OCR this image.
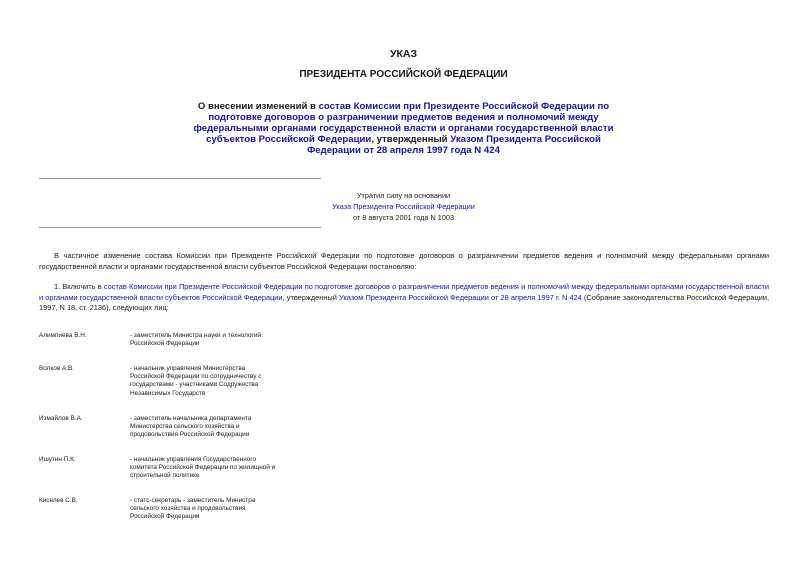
УКАЗ
ПРЕЗИДЕНТА РОССИЙСКОЙ ФЕДЕРАЦИИ
О внесении изменений в состав Комиссии при Президенте Российской Федерации по подготовке договоров о разграничении предметов ведения и полномочий между федеральными органами государственной власти и органами государственной власти субъектов Российской Федерации, утвержденный Указом Президента Российской Федерации от 28 апреля 1997 года N 424
Утратил силу на основании
Указа Президента Российской Федерации
от 8 августа 2001 года N 1003
В частичное изменение состава Комиссии при Президенте Российской Федерации по подготовке договоров о разграничении предметов ведения и полномочий между федеральными органами государственной власти и органами государственной власти субъектов Российской Федерации постановляю:
1. Включить в состав Комиссии при Президенте Российской Федерации по подготовке договоров о разграничении предметов ведения и полномочий между федеральными органами государственной власти и органами государственной власти субъектов Российской Федерации, утвержденный Указом Президента Российской Федерации от 28 апреля 1997 г. N 424 (Собрание законодательства Российской Федерации, 1997, N 18, ст. 2136), следующих лиц:
Алимпиева В.Н.	- заместитель Министра науки и технологий Российской Федерации
Волков А.В.	- начальник управления Министерства Российской Федерации по сотрудничеству с государствами - участниками Содружества Независимых Государств
Измайлов В.А.	- заместитель начальника департамента Министерства сельского хозяйства и продовольствия Российской Федерации
Ишутин П.К.	- начальник управления Государственного комитета Российской Федерации по жилищной и строительной политике
Киселев С.В.	- статс-секретарь - заместитель Министра сельского хозяйства и продовольствия Российской Федерации
